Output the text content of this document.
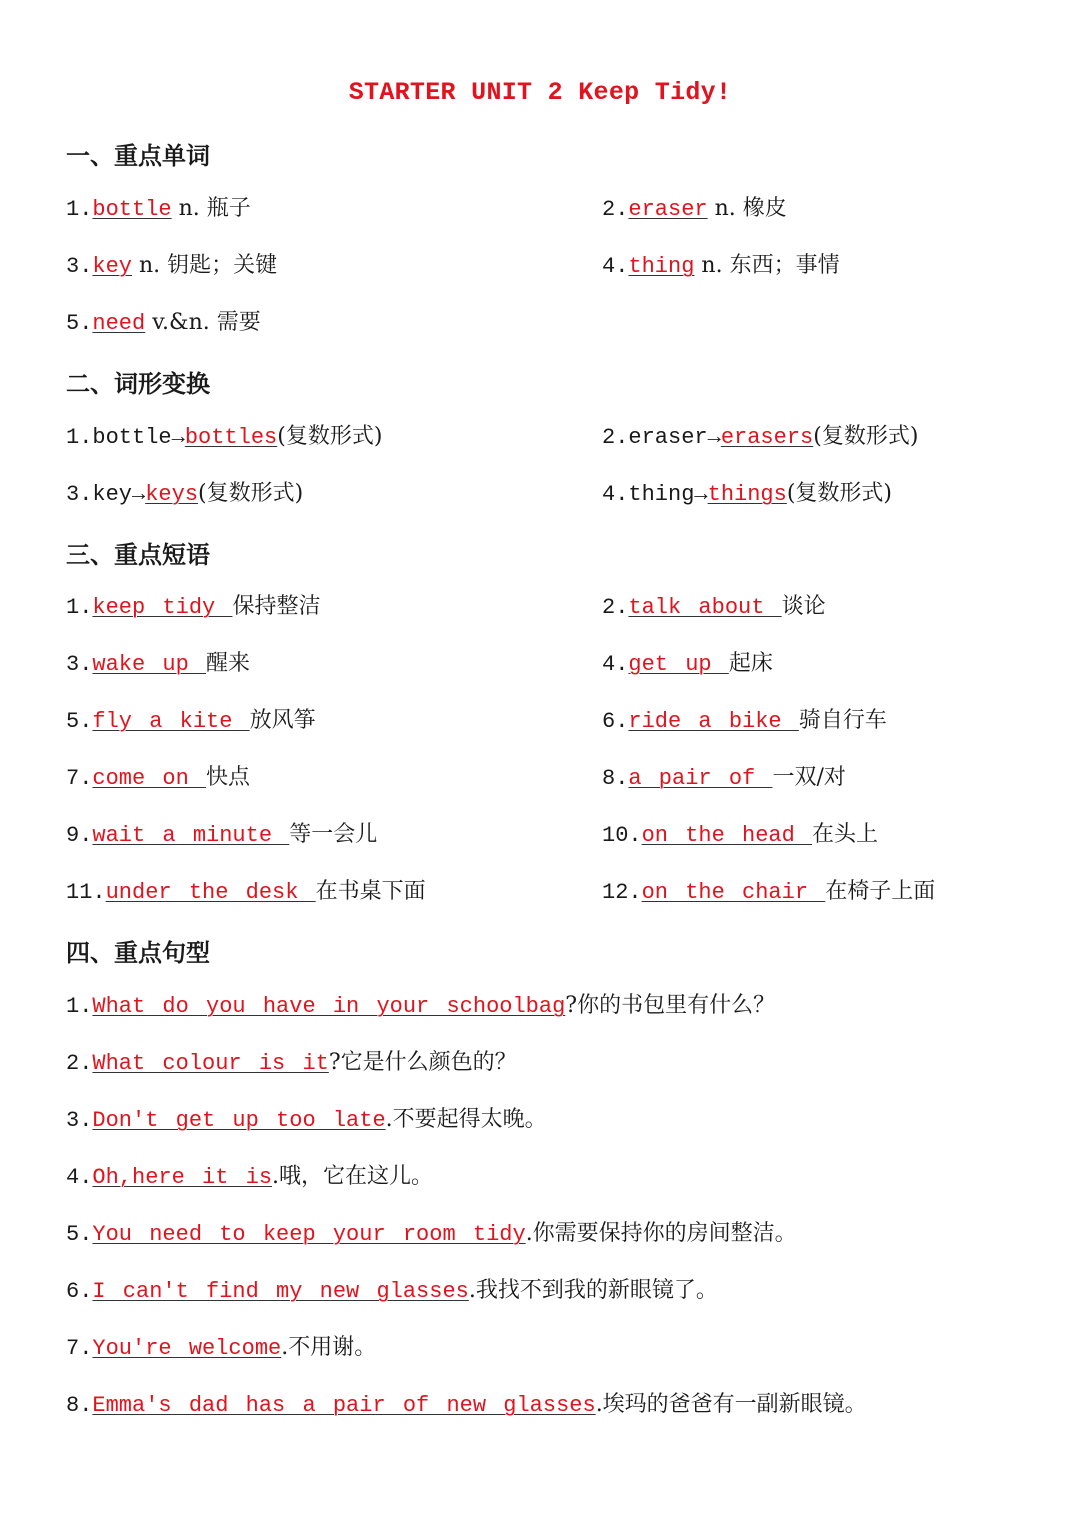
STARTER UNIT 2 Keep Tidy!
一、重点单词
1.bottle n. 瓶子	2.eraser n. 橡皮
3.key n. 钥匙；关键	4.thing n. 东西；事情
5.need v.&n. 需要
二、词形变换
1.bottle→bottles(复数形式)	2.eraser→erasers(复数形式)
3.key→keys(复数形式)	4.thing→things(复数形式)
三、重点短语
1.keep tidy 保持整洁	2.talk about 谈论
3.wake up 醒来	4.get up 起床
5.fly a kite 放风筝	6.ride a bike 骑自行车
7.come on 快点	8.a pair of 一双/对
9.wait a minute 等一会儿	10.on the head 在头上
11.under the desk 在书桌下面	12.on the chair 在椅子上面
四、重点句型
1.What do you have in your schoolbag?你的书包里有什么？
2.What colour is it?它是什么颜色的？
3.Don't get up too late.不要起得太晚。
4.Oh,here it is.哦，它在这儿。
5.You need to keep your room tidy.你需要保持你的房间整洁。
6.I can't find my new glasses.我找不到我的新眼镜了。
7.You're welcome.不用谢。
8.Emma's dad has a pair of new glasses.埃玛的爸爸有一副新眼镜。
